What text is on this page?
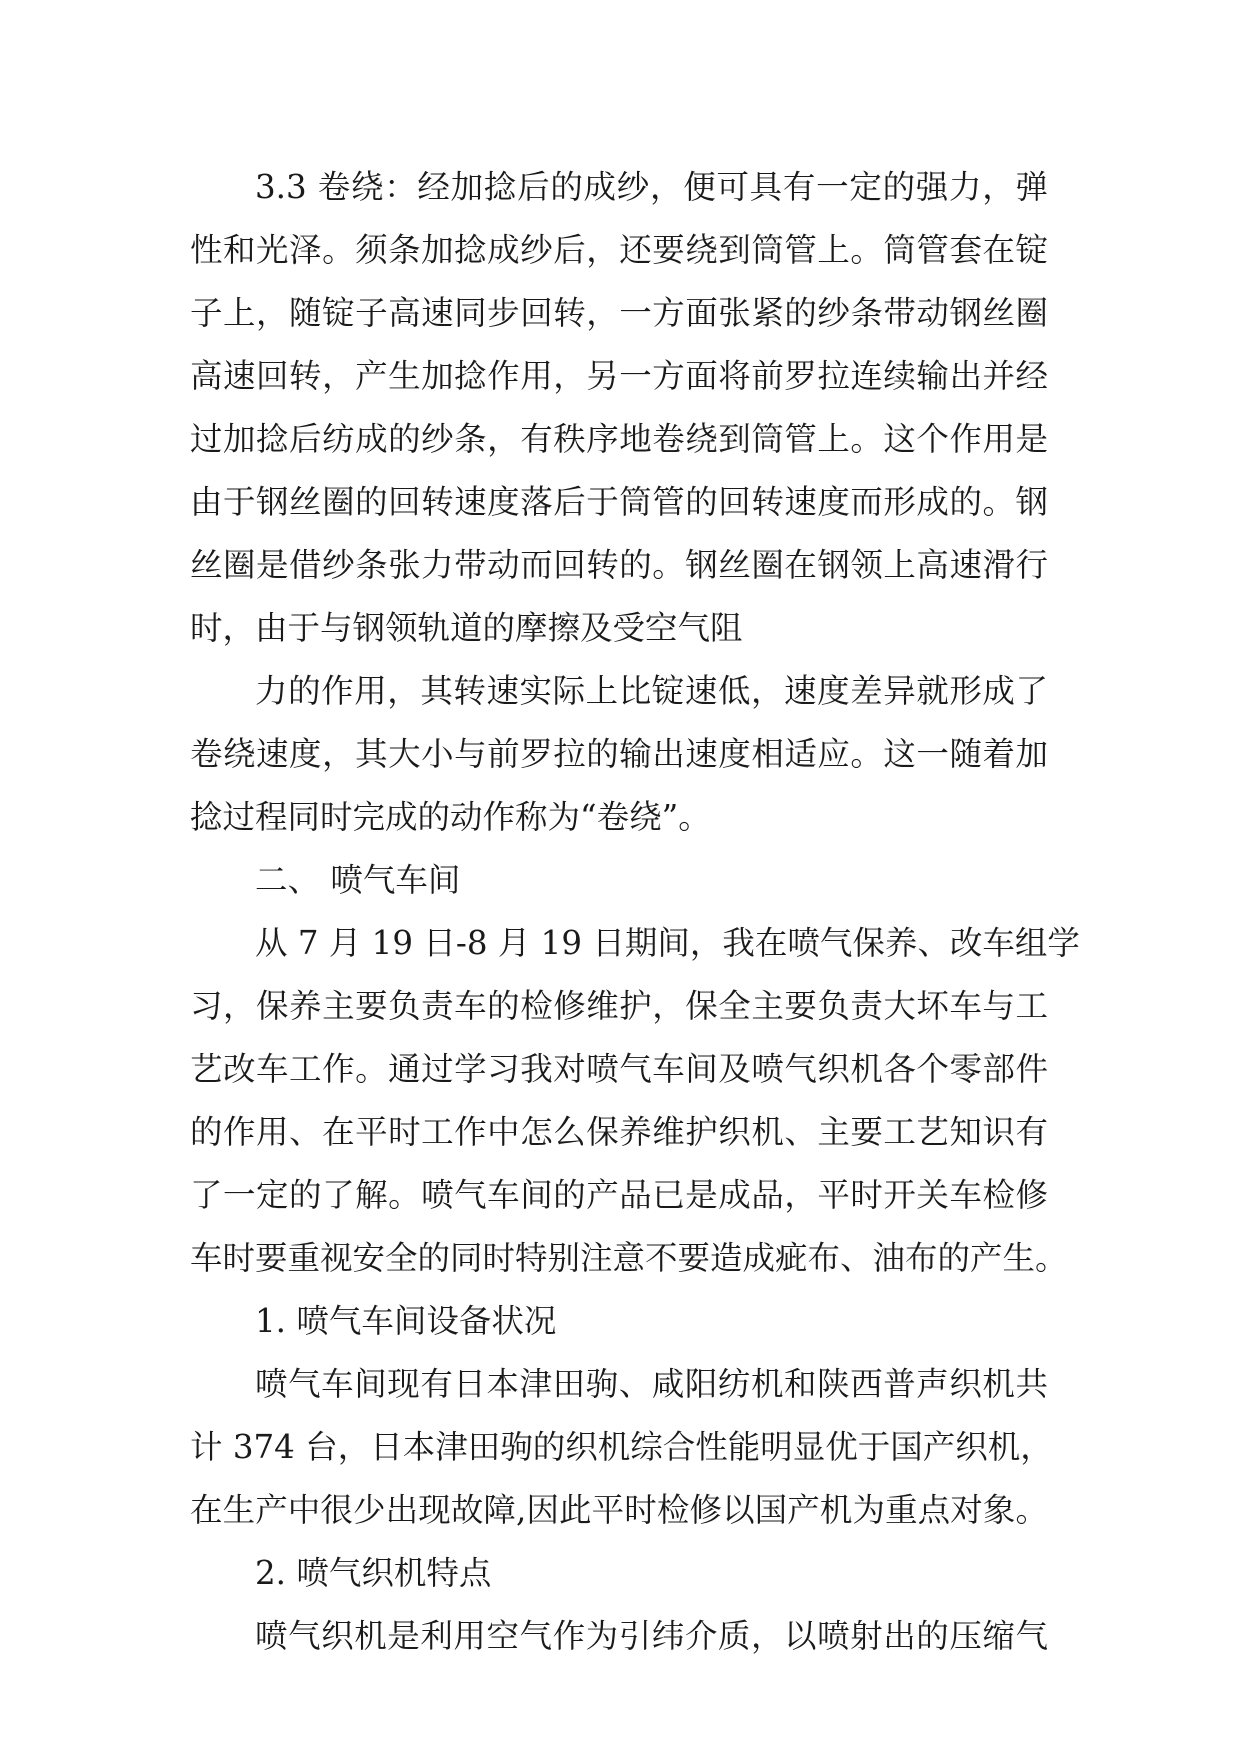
3.3 卷绕：经加捻后的成纱，便可具有一定的强力，弹
性和光泽。须条加捻成纱后，还要绕到筒管上。筒管套在锭
子上，随锭子高速同步回转，一方面张紧的纱条带动钢丝圈
高速回转，产生加捻作用，另一方面将前罗拉连续输出并经
过加捻后纺成的纱条，有秩序地卷绕到筒管上。这个作用是
由于钢丝圈的回转速度落后于筒管的回转速度而形成的。钢
丝圈是借纱条张力带动而回转的。钢丝圈在钢领上高速滑行
时，由于与钢领轨道的摩擦及受空气阻
力的作用，其转速实际上比锭速低，速度差异就形成了
卷绕速度，其大小与前罗拉的输出速度相适应。这一随着加
捻过程同时完成的动作称为“卷绕”。
二、 喷气车间
从 7 月 19 日-8 月 19 日期间，我在喷气保养、改车组学
习，保养主要负责车的检修维护，保全主要负责大坏车与工
艺改车工作。通过学习我对喷气车间及喷气织机各个零部件
的作用、在平时工作中怎么保养维护织机、主要工艺知识有
了一定的了解。喷气车间的产品已是成品，平时开关车检修
车时要重视安全的同时特别注意不要造成疵布、油布的产生。
1. 喷气车间设备状况
喷气车间现有日本津田驹、咸阳纺机和陕西普声织机共
计 374 台，日本津田驹的织机综合性能明显优于国产织机，
在生产中很少出现故障,因此平时检修以国产机为重点对象。
2. 喷气织机特点
喷气织机是利用空气作为引纬介质，以喷射出的压缩气
